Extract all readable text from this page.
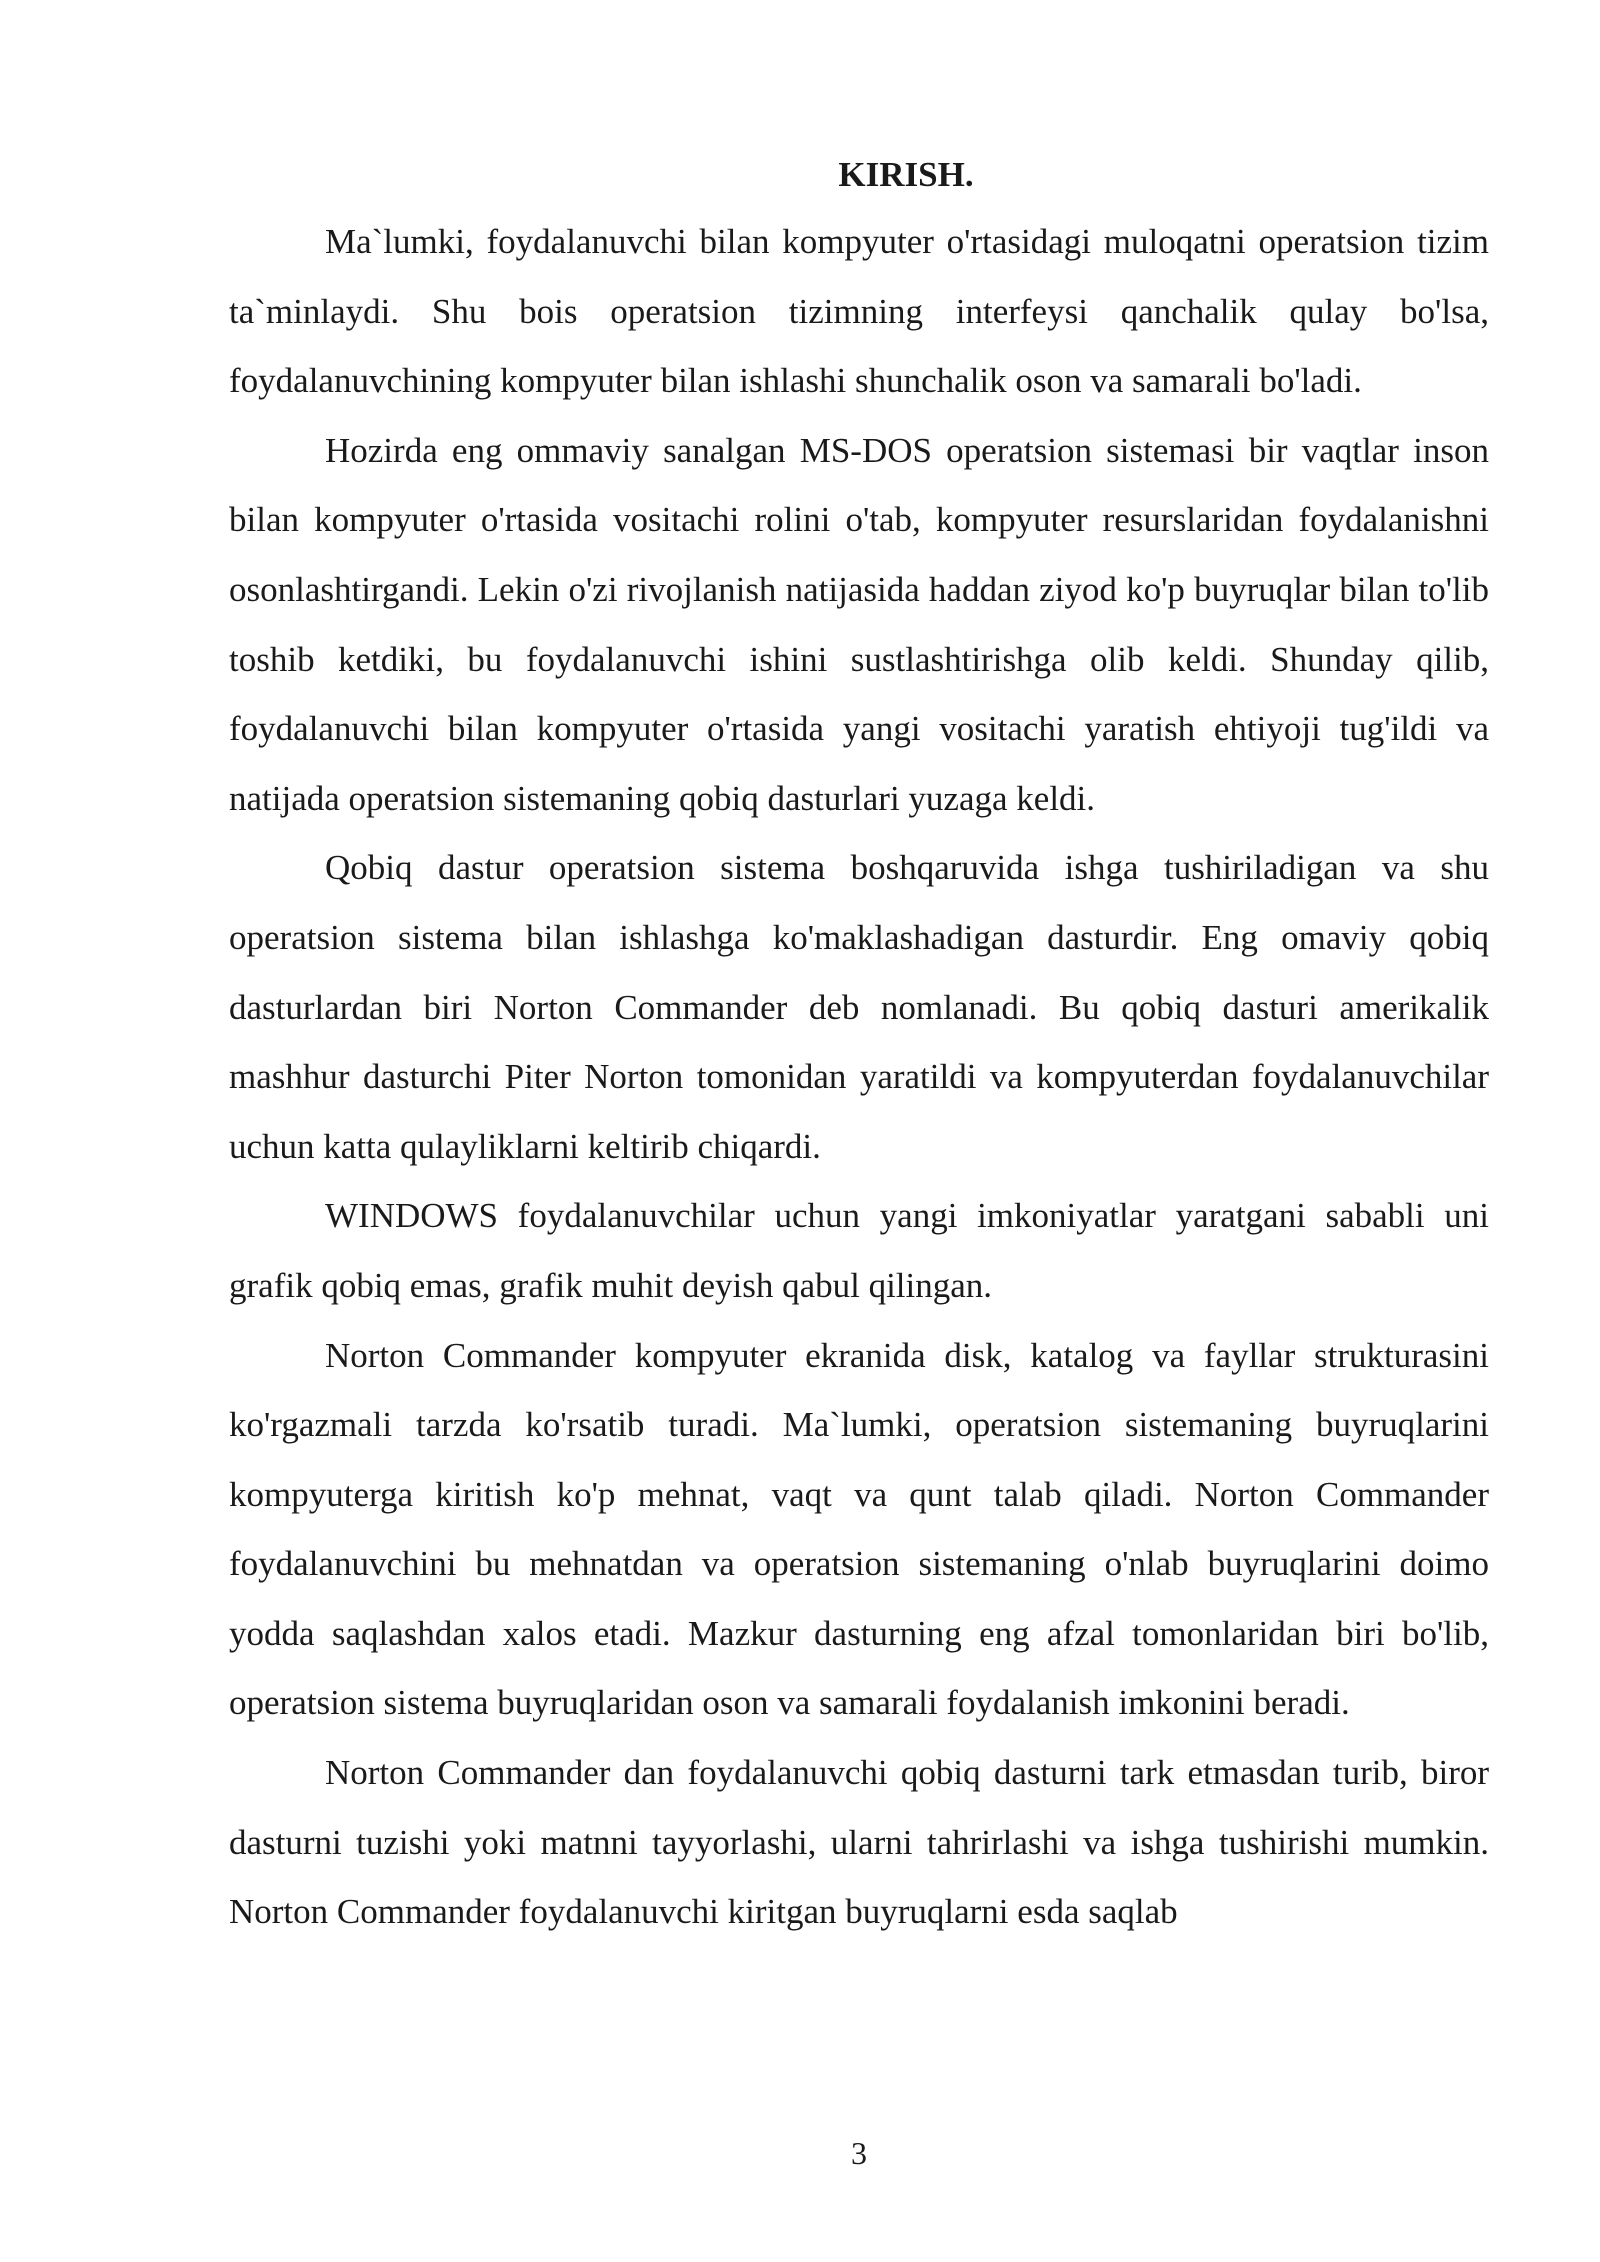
KIRISH.

Ma`lumki, foydalanuvchi bilan kompyuter o'rtasidagi muloqatni operatsion tizim ta`minlaydi. Shu bois operatsion tizimning interfeysi qanchalik qulay bo'lsa, foydalanuvchining kompyuter bilan ishlashi shunchalik oson va samarali bo'ladi.

Hozirda eng ommaviy sanalgan MS-DOS operatsion sistemasi bir vaqtlar inson bilan kompyuter o'rtasida vositachi rolini o'tab, kompyuter resurslaridan foydalanishni osonlashtirgandi. Lekin o'zi rivojlanish natijasida haddan ziyod ko'p buyruqlar bilan to'lib toshib ketdiki, bu foydalanuvchi ishini sustlashtirishga olib keldi. Shunday qilib, foydalanuvchi bilan kompyuter o'rtasida yangi vositachi yaratish ehtiyoji tug'ildi va natijada operatsion sistemaning qobiq dasturlari yuzaga keldi.

Qobiq dastur operatsion sistema boshqaruvida ishga tushiriladigan va shu operatsion sistema bilan ishlashga ko'maklashadigan dasturdir. Eng omaviy qobiq dasturlardan biri Norton Commander deb nomlanadi. Bu qobiq dasturi amerikalik mashhur dasturchi Piter Norton tomonidan yaratildi va kompyuterdan foydalanuvchilar uchun katta qulayliklarni keltirib chiqardi.

WINDOWS foydalanuvchilar uchun yangi imkoniyatlar yaratgani sababli uni grafik qobiq emas, grafik muhit deyish qabul qilingan.

Norton Commander kompyuter ekranida disk, katalog va fayllar strukturasini ko'rgazmali tarzda ko'rsatib turadi. Ma`lumki, operatsion sistemaning buyruqlarini kompyuterga kiritish ko'p mehnat, vaqt va qunt talab qiladi. Norton Commander foydalanuvchini bu mehnatdan va operatsion sistemaning o'nlab buyruqlarini doimo yodda saqlashdan xalos etadi. Mazkur dasturning eng afzal tomonlaridan biri bo'lib, operatsion sistema buyruqlaridan oson va samarali foydalanish imkonini beradi.

Norton Commander dan foydalanuvchi qobiq dasturni tark etmasdan turib, biror dasturni tuzishi yoki matnni tayyorlashi, ularni tahrirlashi va ishga tushirishi mumkin. Norton Commander foydalanuvchi kiritgan buyruqlarni esda saqlab

3
